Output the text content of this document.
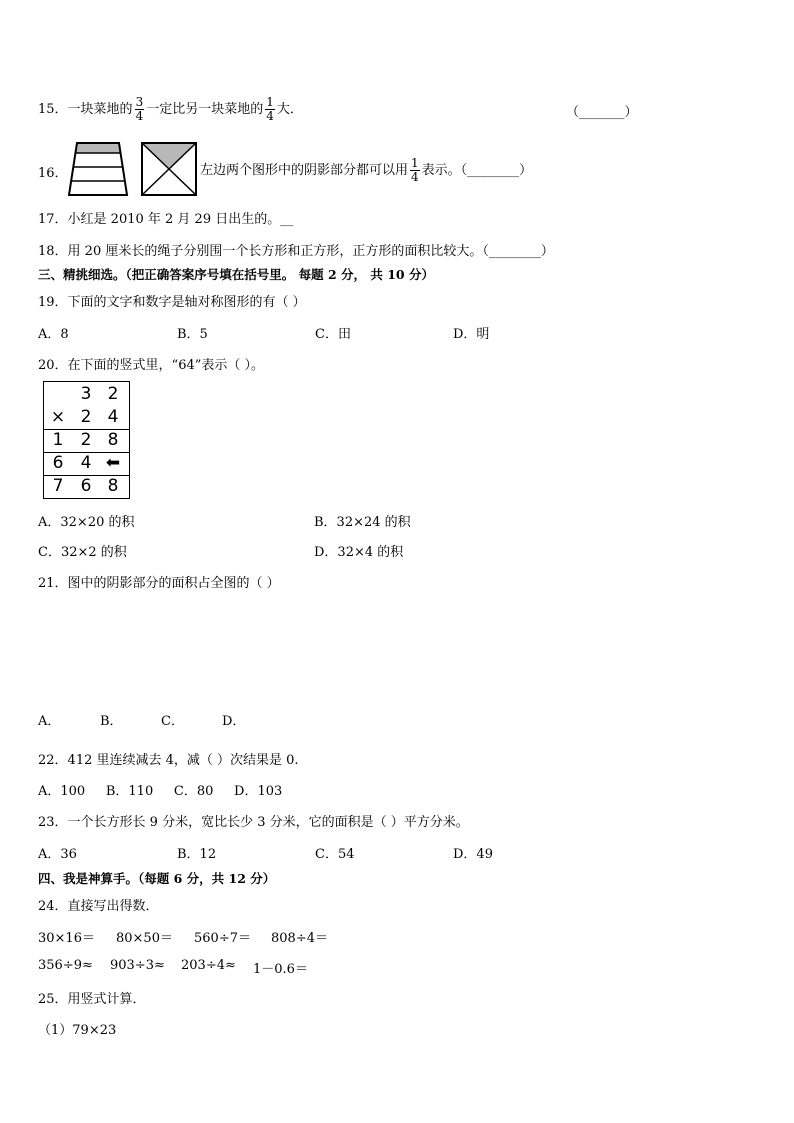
15．一块菜地的 $\frac{3}{4}$ 一定比另一块菜地的 $\frac{1}{4}$ 大．	（_______）
16．	左边两个图形中的阴影部分都可以用 $\frac{1}{4}$ 表示。（________）
17．小红是 2010 年 2 月 29 日出生的。__
18．用 20 厘米长的绳子分别围一个长方形和正方形，正方形的面积比较大。（________）
三、精挑细选。（把正确答案序号填在括号里。 每题 2 分， 共 10 分）
19．下面的文字和数字是轴对称图形的有（ ）
A．8	B．5	C．田	D．明
20．在下面的竖式里，“64”表示（ ）。
3 2
× 2 4
1 2 8
6 4 ⬅
7 6 8
A．32×20 的积	B．32×24 的积
C．32×2 的积	D．32×4 的积
21．图中的阴影部分的面积占全图的（ ）
A．	B．	C．	D．
22．412 里连续减去 4，减（ ）次结果是 0.
A．100     B．110     C．80     D．103
23．一个长方形长 9 分米，宽比长少 3 分米，它的面积是（ ）平方分米。
A．36	B．12	C．54	D．49
四、我是神算手。（每题 6 分，共 12 分）
24．直接写出得数．
30×16＝ 80×50＝ 560÷7＝ 808÷4＝
356÷9≈ 903÷3≈ 203÷4≈ 1－0.6＝
25．用竖式计算．
（1）79×23
